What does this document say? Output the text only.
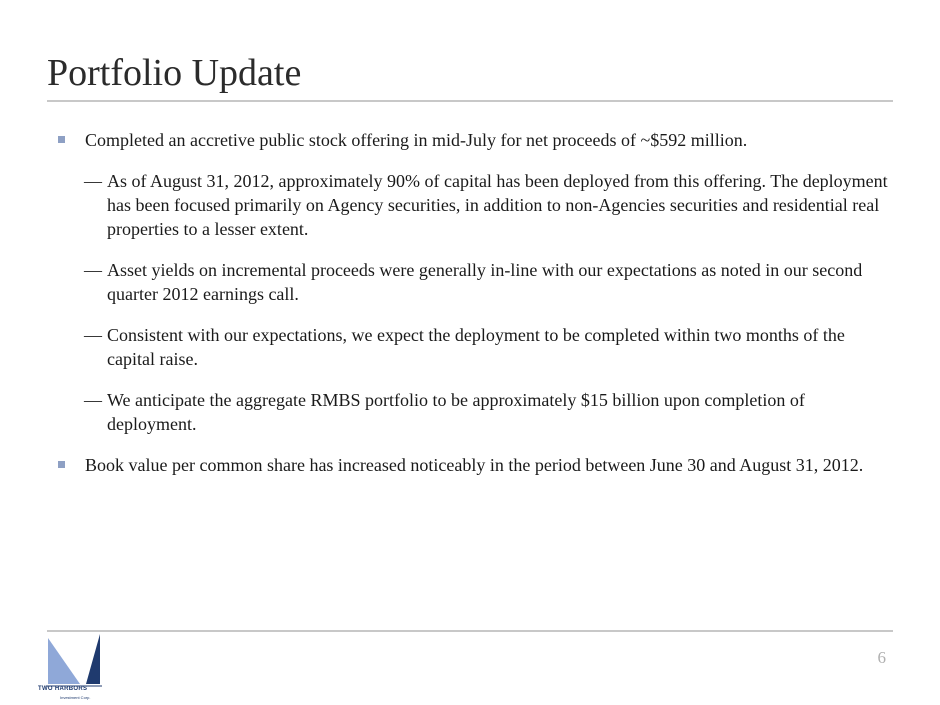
Portfolio Update
Completed an accretive public stock offering in mid-July for net proceeds of ~$592 million.
— As of August 31, 2012, approximately 90% of capital has been deployed from this offering. The deployment has been focused primarily on Agency securities, in addition to non-Agencies securities and residential real properties to a lesser extent.
— Asset yields on incremental proceeds were generally in-line with our expectations as noted in our second quarter 2012 earnings call.
— Consistent with our expectations, we expect the deployment to be completed within two months of the capital raise.
— We anticipate the aggregate RMBS portfolio to be approximately $15 billion upon completion of deployment.
Book value per common share has increased noticeably in the period between June 30 and August 31, 2012.
TWO HARBORS
Investment Corp.
6
